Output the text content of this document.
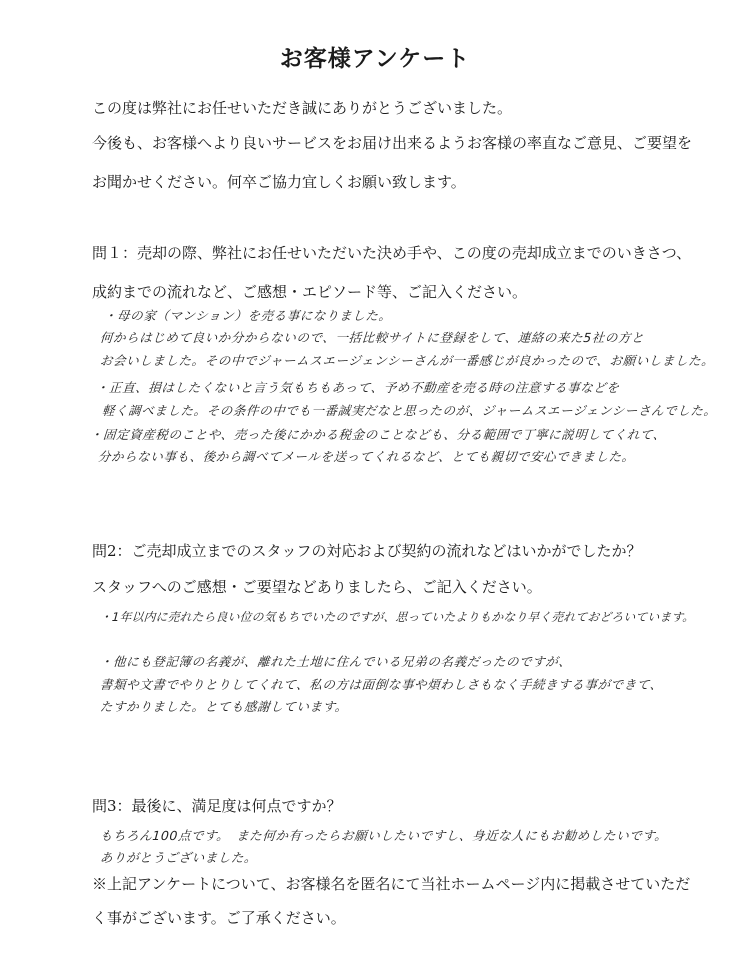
お客様アンケート
この度は弊社にお任せいただき誠にありがとうございました。
今後も、お客様へより良いサービスをお届け出来るようお客様の率直なご意見、ご要望を
お聞かせください。何卒ご協力宜しくお願い致します。
問１：売却の際、弊社にお任せいただいた決め手や、この度の売却成立までのいきさつ、
成約までの流れなど、ご感想・エピソード等、ご記入ください。
・母の家（マンション）を売る事になりました。
何からはじめて良いか分からないので、一括比較サイトに登録をして、連絡の来た5社の方と
お会いしました。その中でジャームスエージェンシーさんが一番感じが良かったので、お願いしました。
・正直、損はしたくないと言う気もちもあって、予め不動産を売る時の注意する事などを
軽く調べました。その条件の中でも一番誠実だなと思ったのが、ジャームスエージェンシーさんでした。
・固定資産税のことや、売った後にかかる税金のことなども、分る範囲で丁寧に説明してくれて、
分からない事も、後から調べてメールを送ってくれるなど、とても親切で安心できました。
問2：ご売却成立までのスタッフの対応および契約の流れなどはいかがでしたか？
スタッフへのご感想・ご要望などありましたら、ご記入ください。
・1年以内に売れたら良い位の気もちでいたのですが、思っていたよりもかなり早く売れておどろいています。
・他にも登記簿の名義が、離れた土地に住んでいる兄弟の名義だったのですが、
書類や文書でやりとりしてくれて、私の方は面倒な事や煩わしさもなく手続きする事ができて、
たすかりました。とても感謝しています。
問3：最後に、満足度は何点ですか？
もちろん100点です。　また何か有ったらお願いしたいですし、身近な人にもお勧めしたいです。
ありがとうございました。
※上記アンケートについて、お客様名を匿名にて当社ホームページ内に掲載させていただ
く事がございます。ご了承ください。
